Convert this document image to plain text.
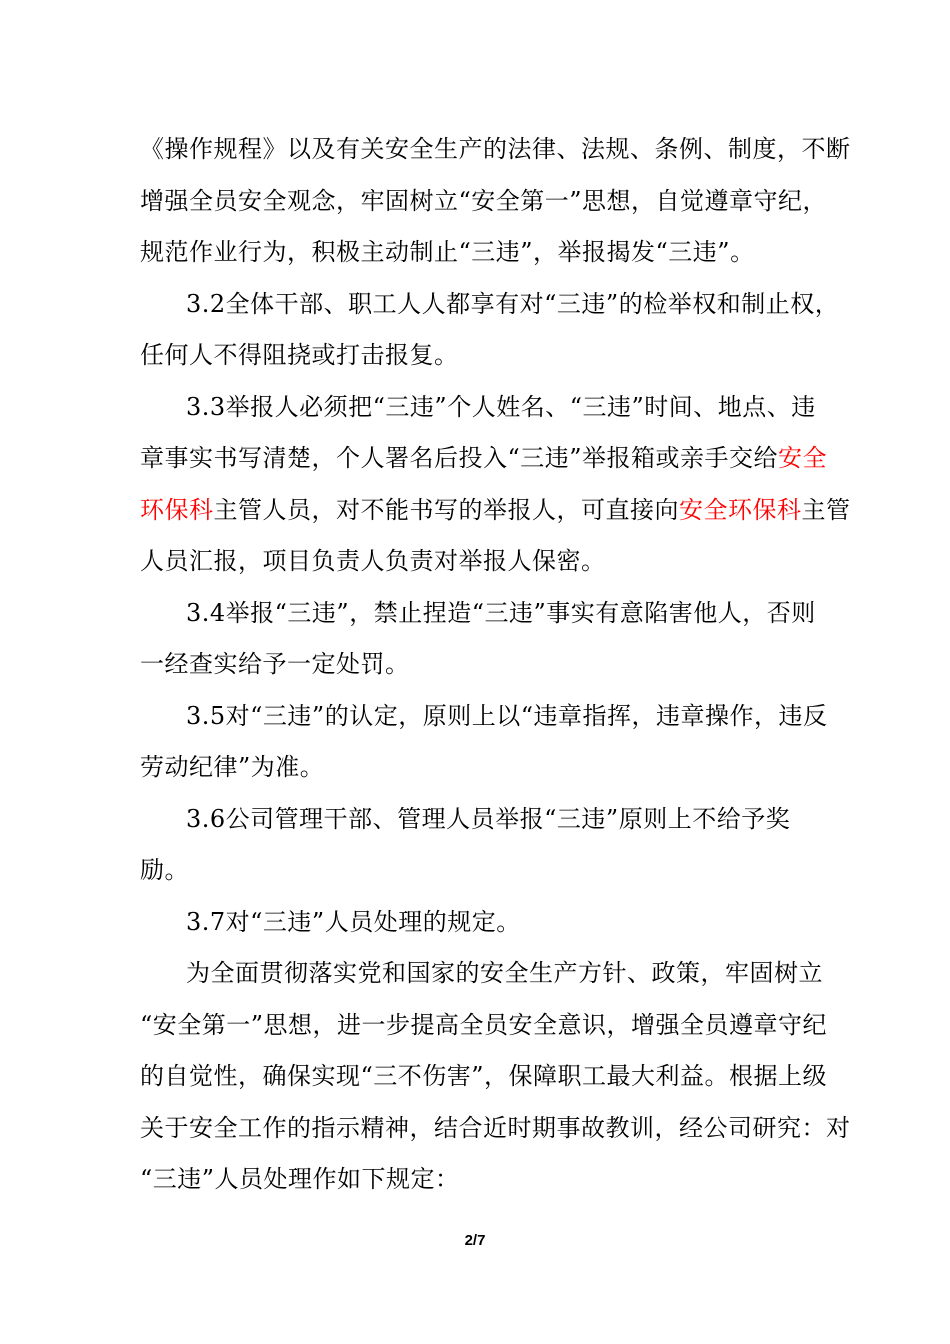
《操作规程》以及有关安全生产的法律、法规、条例、制度，不断
增强全员安全观念，牢固树立“安全第一”思想，自觉遵章守纪，
规范作业行为，积极主动制止“三违”，举报揭发“三违”。
3.2全体干部、职工人人都享有对“三违”的检举权和制止权，
任何人不得阻挠或打击报复。
3.3举报人必须把“三违”个人姓名、“三违”时间、地点、违
章事实书写清楚，个人署名后投入“三违”举报箱或亲手交给安全
环保科主管人员，对不能书写的举报人，可直接向安全环保科主管
人员汇报，项目负责人负责对举报人保密。
3.4举报“三违”，禁止捏造“三违”事实有意陷害他人，否则
一经查实给予一定处罚。
3.5对“三违”的认定，原则上以“违章指挥，违章操作，违反
劳动纪律”为准。
3.6公司管理干部、管理人员举报“三违”原则上不给予奖
励。
3.7对“三违”人员处理的规定。
为全面贯彻落实党和国家的安全生产方针、政策，牢固树立
“安全第一”思想，进一步提高全员安全意识，增强全员遵章守纪
的自觉性，确保实现“三不伤害”，保障职工最大利益。根据上级
关于安全工作的指示精神，结合近时期事故教训，经公司研究：对
“三违”人员处理作如下规定：
2/7
